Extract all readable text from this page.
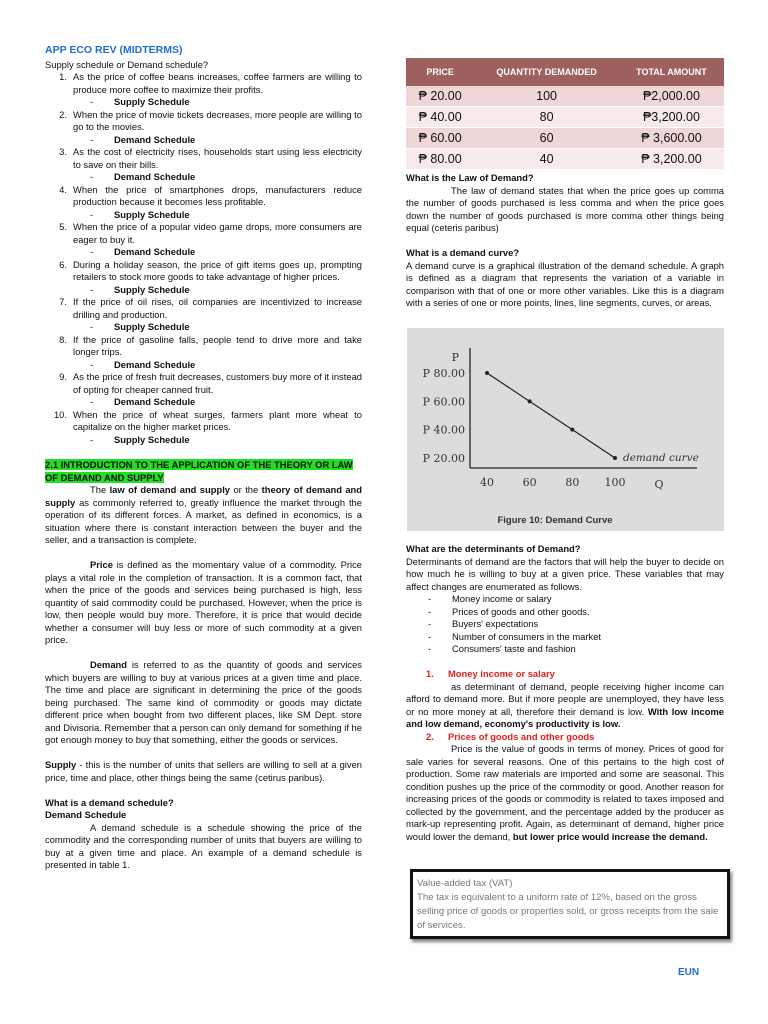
APP ECO REV (MIDTERMS)
Supply schedule or Demand schedule?
1. As the price of coffee beans increases, coffee farmers are willing to produce more coffee to maximize their profits.
- Supply Schedule
2. When the price of movie tickets decreases, more people are willing to go to the movies.
- Demand Schedule
3. As the cost of electricity rises, households start using less electricity to save on their bills.
- Demand Schedule
4. When the price of smartphones drops, manufacturers reduce production because it becomes less profitable.
- Supply Schedule
5. When the price of a popular video game drops, more consumers are eager to buy it.
- Demand Schedule
6. During a holiday season, the price of gift items goes up, prompting retailers to stock more goods to take advantage of higher prices.
- Supply Schedule
7. If the price of oil rises, oil companies are incentivized to increase drilling and production.
- Supply Schedule
8. If the price of gasoline falls, people tend to drive more and take longer trips.
- Demand Schedule
9. As the price of fresh fruit decreases, customers buy more of it instead of opting for cheaper canned fruit.
- Demand Schedule
10. When the price of wheat surges, farmers plant more wheat to capitalize on the higher market prices.
- Supply Schedule
2.1 INTRODUCTION TO THE APPLICATION OF THE THEORY OR LAW OF DEMAND AND SUPPLY

The law of demand and supply or the theory of demand and supply as commonly referred to, greatly influence the market through the operation of its different forces. A market, as defined in economics, is a situation where there is constant interaction between the buyer and the seller, and a transaction is complete.

Price is defined as the momentary value of a commodity. Price plays a vital role in the completion of transaction. It is a common fact, that when the price of the goods and services being purchased is high, less quantity of said commodity could be purchased. However, when the price is low, then people would buy more. Therefore, it is price that would decide whether a consumer will buy less or more of such commodity at a given price.

Demand is referred to as the quantity of goods and services which buyers are willing to buy at various prices at a given time and place. The time and place are significant in determining the price of the goods being purchased. The same kind of commodity or goods may dictate different price when bought from two different places, like SM Dept. store and Divisoria. Remember that a person can only demand for something if he got enough money to buy that something, either the goods or services.

Supply - this is the number of units that sellers are willing to sell at a given price, time and place, other things being the same (cetirus paribus).

What is a demand schedule?
Demand Schedule

A demand schedule is a schedule showing the price of the commodity and the corresponding number of units that buyers are willing to buy at a given time and place. An example of a demand schedule is presented in table 1.

PRICE	QUANTITY DEMANDED	TOTAL AMOUNT
₱ 20.00	100	₱2,000.00
₱ 40.00	80	₱3,200.00
₱ 60.00	60	₱ 3,600.00
₱ 80.00	40	₱ 3,200.00
What is the Law of Demand?

The law of demand states that when the price goes up comma the number of goods purchased is less comma and when the price goes down the number of goods purchased is more comma other things being equal (ceteris paribus)

What is a demand curve?

A demand curve is a graphical illustration of the demand schedule. A graph is defined as a diagram that represents the variation of a variable in comparison with that of one or more other variables. Like this is a diagram with a series of one or more points, lines, line segments, curves, or areas.

P
P 80.00
P 60.00
P 40.00
P 20.00
40	60	80 100	Q
demand curve
Figure 10: Demand Curve
What are the determinants of Demand?

Determinants of demand are the factors that will help the buyer to decide on how much he is willing to buy at a given price. These variables that may affect changes are enumerated as follows.

-	Money income or salary
-	Prices of goods and other goods.
-	Buyers' expectations
-	Number of consumers in the market
-	Consumers' taste and fashion
1. Money income or salary

as determinant of demand, people receiving higher income can afford to demand more. But if more people are unemployed, they have less or no more money at all, therefore their demand is low. With low income and low demand, economy's productivity is low.

2. Prices of goods and other goods

Price is the value of goods in terms of money. Prices of good for sale varies for several reasons. One of this pertains to the high cost of production. Some raw materials are imported and some are seasonal. This condition pushes up the price of the commodity or good. Another reason for increasing prices of the goods or commodity is related to taxes imposed and collected by the government, and the percentage added by the producer as mark-up representing profit. Again, as determinant of demand, higher price would lower the demand, but lower price would increase the demand.

Value-added tax (VAT)
The tax is equivalent to a uniform rate of 12%, based on the gross selling price of goods or properties sold, or gross receipts from the sale of services.
EUN
